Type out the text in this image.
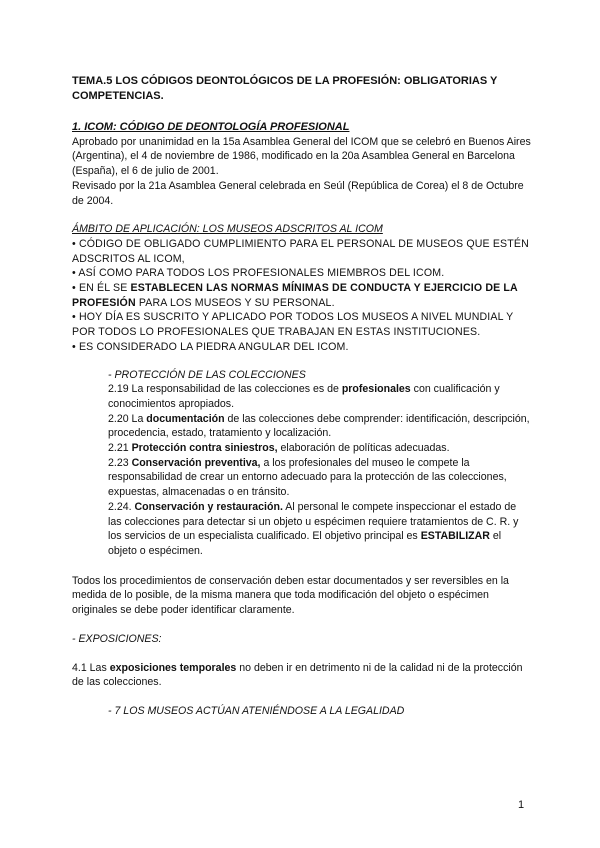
TEMA.5 LOS CÓDIGOS DEONTOLÓGICOS DE LA PROFESIÓN: OBLIGATORIAS Y COMPETENCIAS.

1. ICOM: CÓDIGO DE DEONTOLOGÍA PROFESIONAL

Aprobado por unanimidad en la 15a Asamblea General del ICOM que se celebró en Buenos Aires (Argentina), el 4 de noviembre de 1986, modificado en la 20a Asamblea General en Barcelona (España), el 6 de julio de 2001.

Revisado por la 21a Asamblea General celebrada en Seúl (República de Corea) el 8 de Octubre de 2004.

ÁMBITO DE APLICACIÓN: LOS MUSEOS ADSCRITOS AL ICOM

• CÓDIGO DE OBLIGADO CUMPLIMIENTO PARA EL PERSONAL DE MUSEOS QUE ESTÉN ADSCRITOS AL ICOM,

• ASÍ COMO PARA TODOS LOS PROFESIONALES MIEMBROS DEL ICOM.

• EN ÉL SE ESTABLECEN LAS NORMAS MÍNIMAS DE CONDUCTA Y EJERCICIO DE LA PROFESIÓN PARA LOS MUSEOS Y SU PERSONAL.

• HOY DÍA ES SUSCRITO Y APLICADO POR TODOS LOS MUSEOS A NIVEL MUNDIAL Y POR TODOS LO PROFESIONALES QUE TRABAJAN EN ESTAS INSTITUCIONES.

• ES CONSIDERADO LA PIEDRA ANGULAR DEL ICOM.

- PROTECCIÓN DE LAS COLECCIONES

2.19 La responsabilidad de las colecciones es de profesionales con cualificación y conocimientos apropiados.

2.20 La documentación de las colecciones debe comprender: identificación, descripción, procedencia, estado, tratamiento y localización.

2.21 Protección contra siniestros, elaboración de políticas adecuadas.

2.23 Conservación preventiva, a los profesionales del museo le compete la responsabilidad de crear un entorno adecuado para la protección de las colecciones, expuestas, almacenadas o en tránsito.

2.24. Conservación y restauración. Al personal le compete inspeccionar el estado de las colecciones para detectar si un objeto u espécimen requiere tratamientos de C. R. y los servicios de un especialista cualificado. El objetivo principal es ESTABILIZAR el objeto o espécimen.

Todos los procedimientos de conservación deben estar documentados y ser reversibles en la medida de lo posible, de la misma manera que toda modificación del objeto o espécimen originales se debe poder identificar claramente.

- EXPOSICIONES:

4.1 Las exposiciones temporales no deben ir en detrimento ni de la calidad ni de la protección de las colecciones.

- 7 LOS MUSEOS ACTÚAN ATENIÉNDOSE A LA LEGALIDAD

1
